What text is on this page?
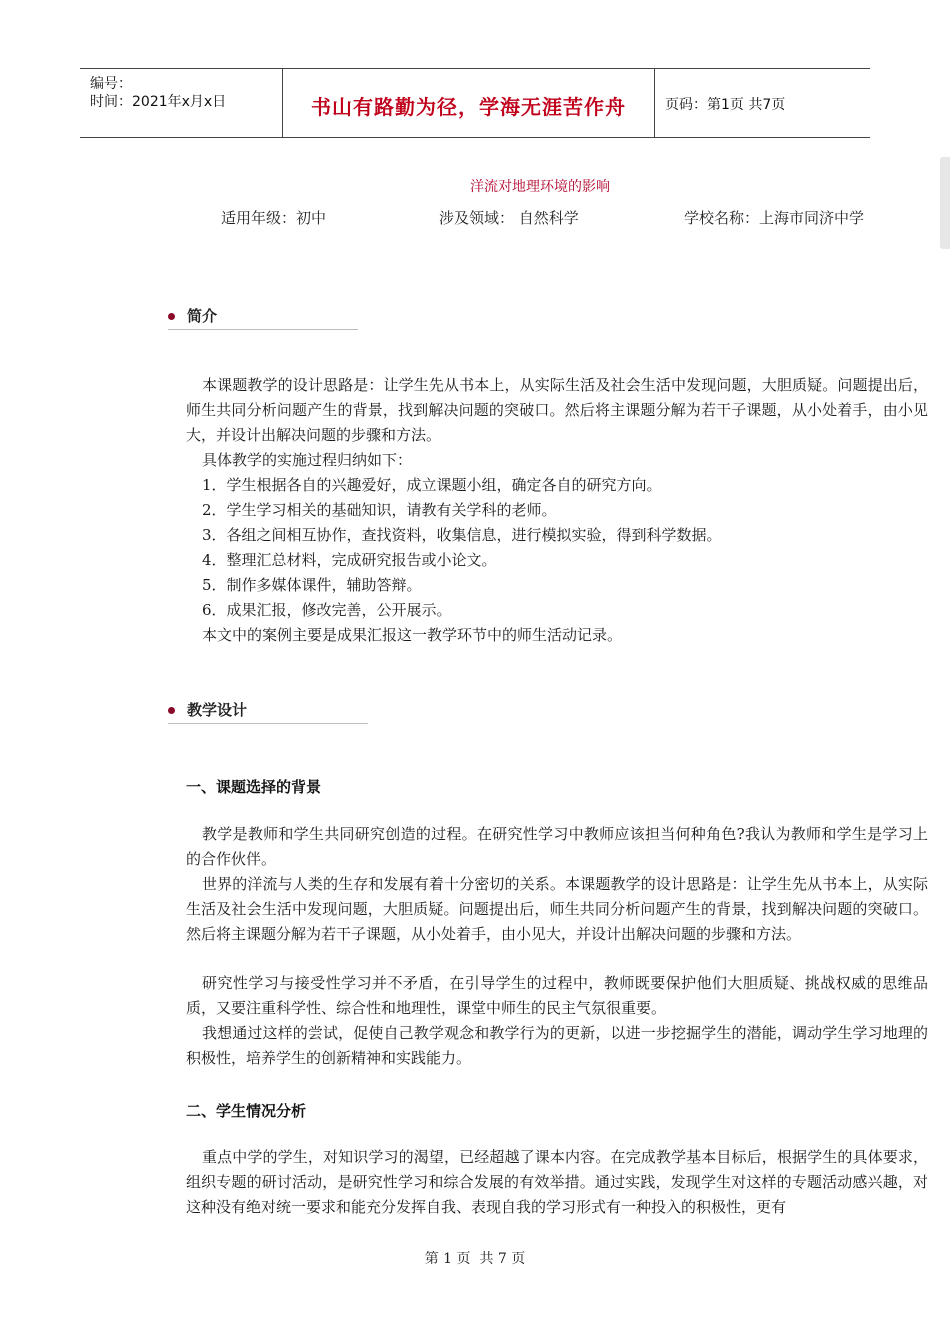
编号：
时间：2021年x月x日	书山有路勤为径，学海无涯苦作舟	页码：第1页 共7页
洋流对地理环境的影响
适用年级：初中	涉及领域： 自然科学	学校名称：上海市同济中学
简介

本课题教学的设计思路是：让学生先从书本上，从实际生活及社会生活中发现问题，大胆质疑。问题提出后，师生共同分析问题产生的背景，找到解决问题的突破口。然后将主课题分解为若干子课题，从小处着手，由小见大，并设计出解决问题的步骤和方法。

具体教学的实施过程归纳如下：
1．学生根据各自的兴趣爱好，成立课题小组，确定各自的研究方向。
2．学生学习相关的基础知识，请教有关学科的老师。
3．各组之间相互协作，查找资料，收集信息，进行模拟实验，得到科学数据。
4．整理汇总材料，完成研究报告或小论文。
5．制作多媒体课件，辅助答辩。
6．成果汇报，修改完善，公开展示。
本文中的案例主要是成果汇报这一教学环节中的师生活动记录。
教学设计
一、课题选择的背景

教学是教师和学生共同研究创造的过程。在研究性学习中教师应该担当何种角色?我认为教师和学生是学习上的合作伙伴。

世界的洋流与人类的生存和发展有着十分密切的关系。本课题教学的设计思路是：让学生先从书本上，从实际生活及社会生活中发现问题，大胆质疑。问题提出后，师生共同分析问题产生的背景，找到解决问题的突破口。然后将主课题分解为若干子课题，从小处着手，由小见大，并设计出解决问题的步骤和方法。

研究性学习与接受性学习并不矛盾，在引导学生的过程中，教师既要保护他们大胆质疑、挑战权威的思维品质，又要注重科学性、综合性和地理性，课堂中师生的民主气氛很重要。

我想通过这样的尝试，促使自己教学观念和教学行为的更新，以进一步挖掘学生的潜能，调动学生学习地理的积极性，培养学生的创新精神和实践能力。

二、学生情况分析

重点中学的学生，对知识学习的渴望，已经超越了课本内容。在完成教学基本目标后，根据学生的具体要求，组织专题的研讨活动，是研究性学习和综合发展的有效举措。通过实践，发现学生对这样的专题活动感兴趣，对这种没有绝对统一要求和能充分发挥自我、表现自我的学习形式有一种投入的积极性，更有

第 1 页  共 7 页
